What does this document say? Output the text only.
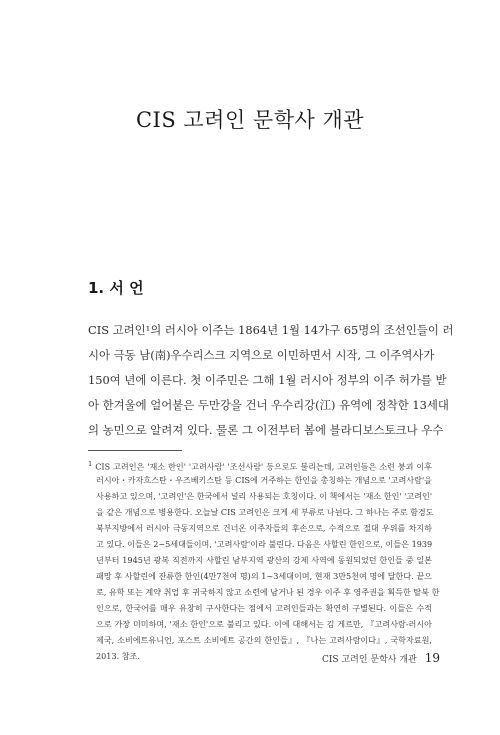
CIS 고려인 문학사 개관
1. 서 언
CIS 고려인¹의 러시아 이주는 1864년 1월 14가구 65명의 조선인들이 러
시아 극동 남(南)우수리스크 지역으로 이민하면서 시작, 그 이주역사가
150여 년에 이른다. 첫 이주민은 그해 1월 러시아 정부의 이주 허가를 받
아 한겨울에 얼어붙은 두만강을 건너 우수리강(江) 유역에 정착한 13세대
의 농민으로 알려져 있다. 물론 그 이전부터 봄에 블라디보스토크나 우수
$^1$ CIS 고려인은 '재소 한인' '고려사람' '조선사람' 등으로도 불리는데, 고려인들은 소련 붕괴 이후
러시아・카자흐스탄・우즈베키스탄 등 CIS에 거주하는 한인을 총칭하는 개념으로 '고려사람'을
사용하고 있으며, '고려인'은 한국에서 널리 사용되는 호칭이다. 이 책에서는 '재소 한인' '고려인'
을 같은 개념으로 병용한다. 오늘날 CIS 고려인은 크게 세 부류로 나뉜다. 그 하나는 주로 함경도
북부지방에서 러시아 극동지역으로 건너온 이주자들의 후손으로, 수적으로 절대 우위를 차지하
고 있다. 이들은 2~5세대들이며, '고려사람'이라 불린다. 다음은 사할린 한인으로, 이들은 1939
년부터 1945년 광복 직전까지 사할린 남부지역 광산의 강제 사역에 동원되었던 한인들 중 일본
패망 후 사할린에 잔류한 한인(4만7천여 명)의 1~3세대이며, 현재 3만5천여 명에 달한다. 끝으
로, 유학 또는 계약 취업 후 귀국하지 않고 소련에 남거나 된 경우 이주 후 영주권을 획득한 탈북 한
인으로, 한국어를 매우 유창히 구사한다는 점에서 고려인들과는 확연히 구별된다. 이들은 수적
으로 가장 미미하며, '재소 한인'으로 불리고 있다. 이에 대해서는 김 게르만, 『고려사람-러시아
제국, 소비에트유니언, 포스트 소비에트 공간의 한인들』, 『나는 고려사람이다』, 국학자료원,
2013. 참조.	CIS 고려인 문학사 개관 19
